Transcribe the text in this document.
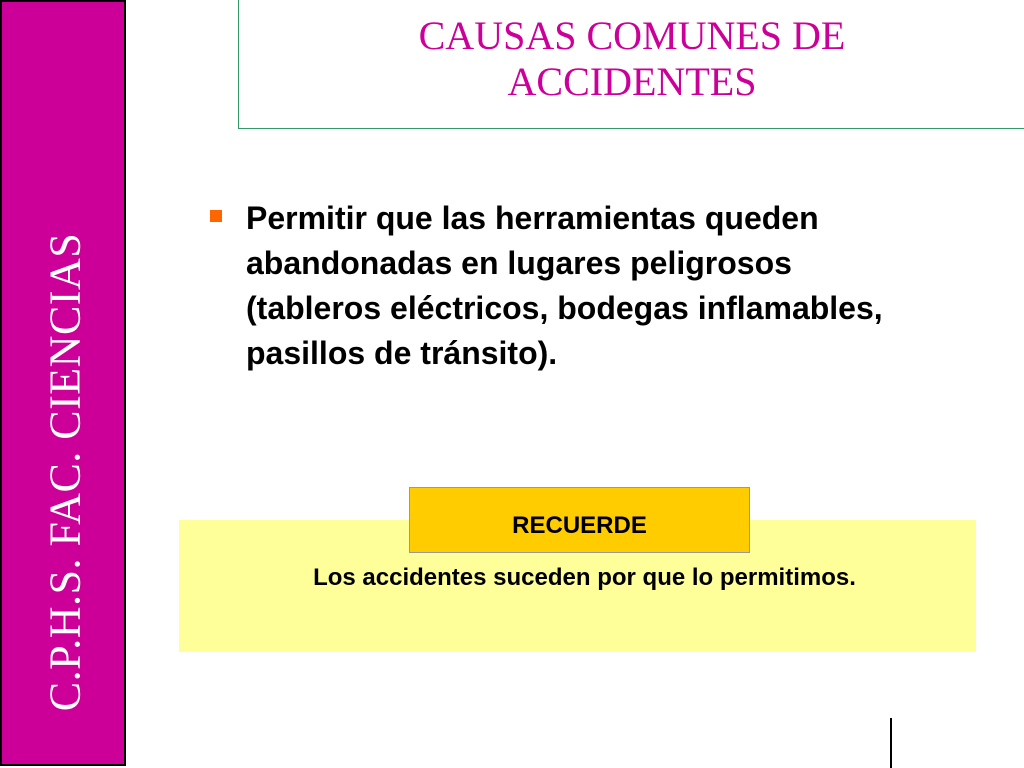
C.P.H.S. FAC. CIENCIAS
CAUSAS COMUNES DE
ACCIDENTES
Permitir que las herramientas queden abandonadas en lugares peligrosos (tableros eléctricos, bodegas inflamables, pasillos de tránsito).
Los accidentes suceden por que lo permitimos.
RECUERDE
